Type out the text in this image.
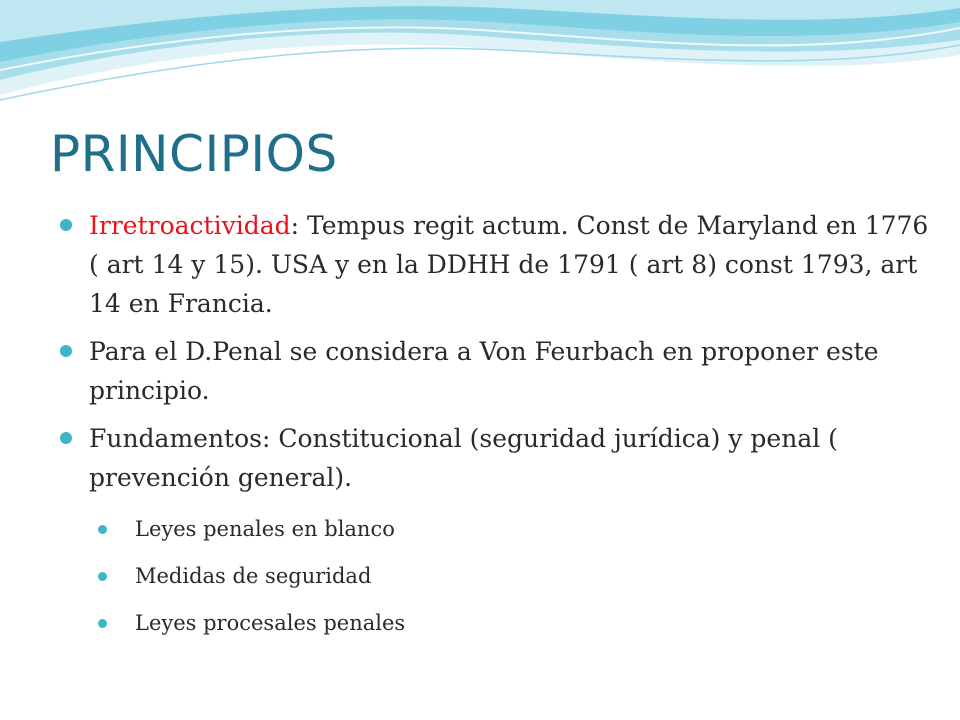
PRINCIPIOS
Irretroactividad: Tempus regit actum. Const de Maryland en 1776 ( art 14 y 15). USA y en la DDHH de 1791 ( art 8) const 1793, art 14 en Francia.
Para el D.Penal se considera a Von Feurbach en proponer este principio.
Fundamentos: Constitucional (seguridad jurídica) y penal ( prevención general).
Leyes penales en blanco
Medidas de seguridad
Leyes procesales penales
